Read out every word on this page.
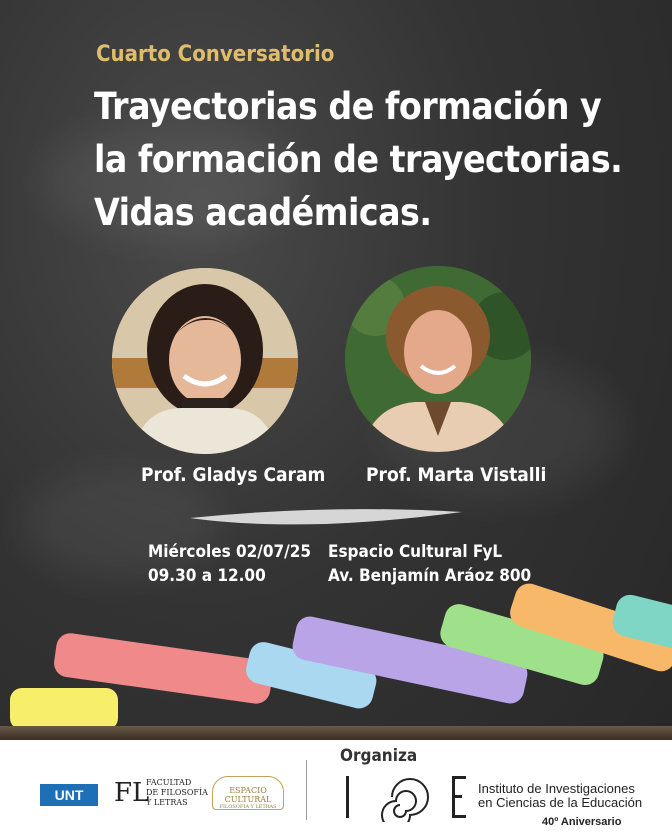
Cuarto Conversatorio
Trayectorias de formación y
la formación de trayectorias.
Vidas académicas.
Prof. Gladys Caram Prof. Marta Vistalli
Miércoles 02/07/25
09.30 a 12.00
Espacio Cultural FyL
Av. Benjamín Aráoz 800
UNT	FL
FACULTAD
DE FILOSOFÍA
Y LETRAS
ESPACIO CULTURAL
FILOSOFÍA Y LETRAS
Organiza
Instituto de Investigaciones
en Ciencias de la Educación
40º Aniversario
